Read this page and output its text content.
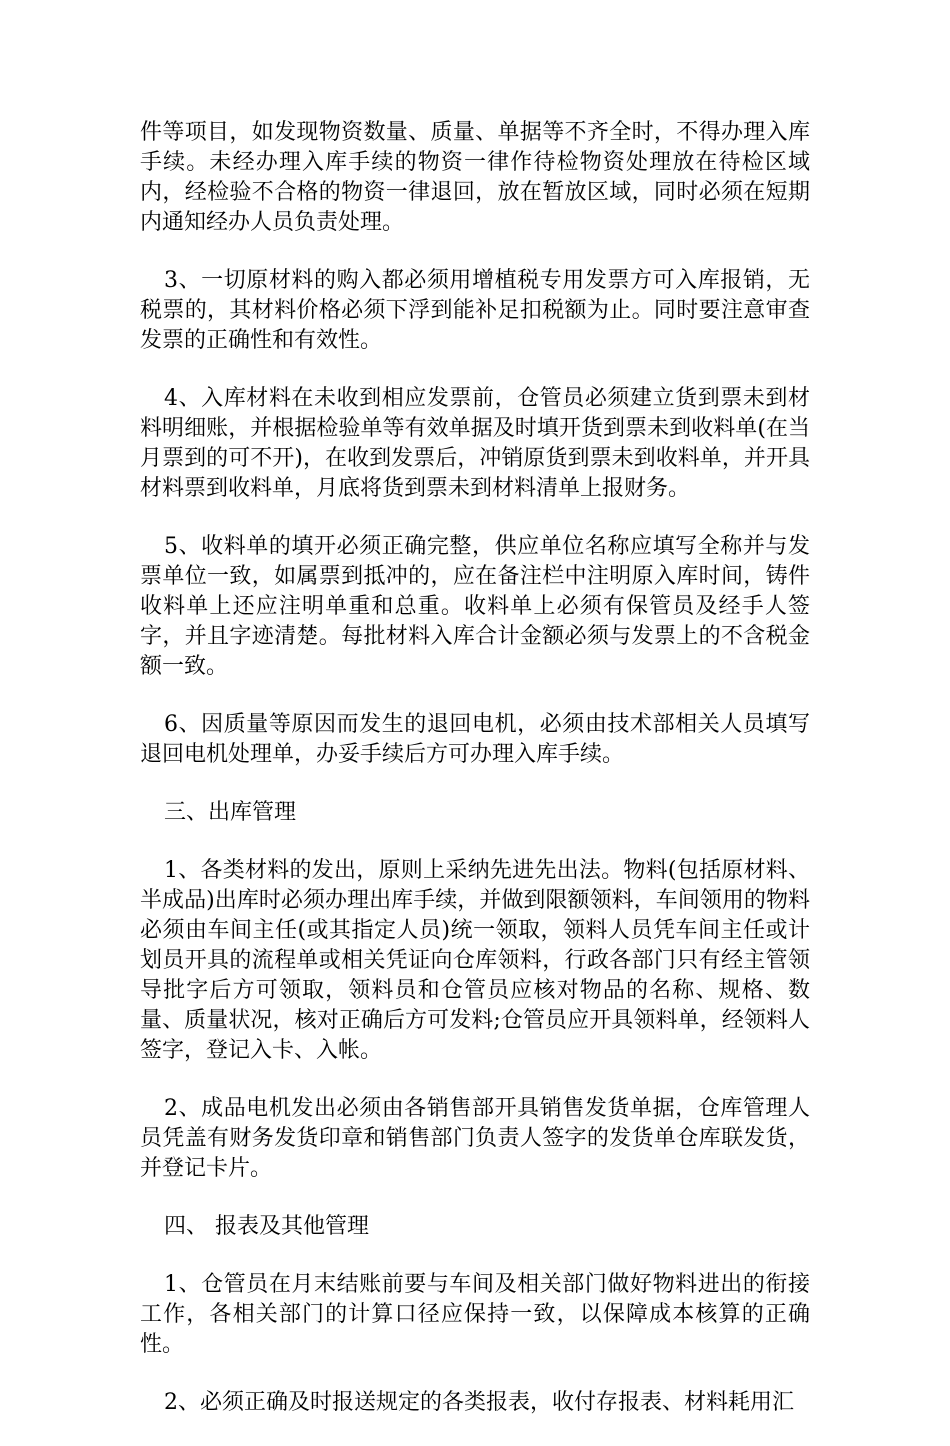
件等项目，如发现物资数量、质量、单据等不齐全时，不得办理入库手续。未经办理入库手续的物资一律作待检物资处理放在待检区域内，经检验不合格的物资一律退回，放在暂放区域，同时必须在短期内通知经办人员负责处理。

3、一切原材料的购入都必须用增植税专用发票方可入库报销，无税票的，其材料价格必须下浮到能补足扣税额为止。同时要注意审查发票的正确性和有效性。

4、入库材料在未收到相应发票前，仓管员必须建立货到票未到材料明细账，并根据检验单等有效单据及时填开货到票未到收料单(在当月票到的可不开)，在收到发票后，冲销原货到票未到收料单，并开具材料票到收料单，月底将货到票未到材料清单上报财务。

5、收料单的填开必须正确完整，供应单位名称应填写全称并与发票单位一致，如属票到抵冲的，应在备注栏中注明原入库时间，铸件收料单上还应注明单重和总重。收料单上必须有保管员及经手人签字，并且字迹清楚。每批材料入库合计金额必须与发票上的不含税金额一致。

6、因质量等原因而发生的退回电机，必须由技术部相关人员填写退回电机处理单，办妥手续后方可办理入库手续。

三、出库管理

1、各类材料的发出，原则上采纳先进先出法。物料(包括原材料、半成品)出库时必须办理出库手续，并做到限额领料，车间领用的物料必须由车间主任(或其指定人员)统一领取，领料人员凭车间主任或计划员开具的流程单或相关凭证向仓库领料，行政各部门只有经主管领导批字后方可领取，领料员和仓管员应核对物品的名称、规格、数量、质量状况，核对正确后方可发料;仓管员应开具领料单，经领料人签字，登记入卡、入帐。

2、成品电机发出必须由各销售部开具销售发货单据，仓库管理人员凭盖有财务发货印章和销售部门负责人签字的发货单仓库联发货，并登记卡片。

四、 报表及其他管理

1、仓管员在月末结账前要与车间及相关部门做好物料进出的衔接工作，各相关部门的计算口径应保持一致，以保障成本核算的正确性。

2、必须正确及时报送规定的各类报表，收付存报表、材料耗用汇
